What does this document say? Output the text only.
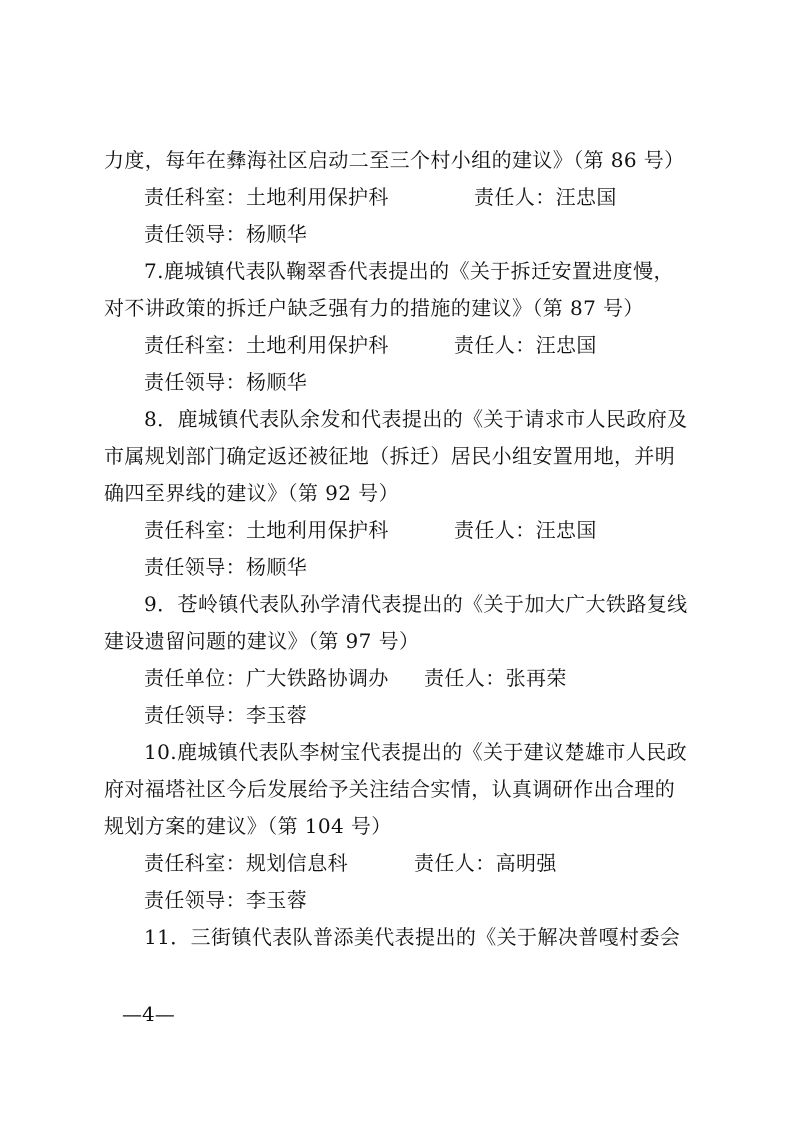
力度，每年在彝海社区启动二至三个村小组的建议》（第 86 号）
责任科室：土地利用保护科	责任人：汪忠国
责任领导：杨顺华
7.鹿城镇代表队鞠翠香代表提出的《关于拆迁安置进度慢，
对不讲政策的拆迁户缺乏强有力的措施的建议》（第 87 号）
责任科室：土地利用保护科	责任人：汪忠国
责任领导：杨顺华
8．鹿城镇代表队余发和代表提出的《关于请求市人民政府及
市属规划部门确定返还被征地（拆迁）居民小组安置用地，并明
确四至界线的建议》（第 92 号）
责任科室：土地利用保护科	责任人：汪忠国
责任领导：杨顺华
9．苍岭镇代表队孙学清代表提出的《关于加大广大铁路复线
建设遗留问题的建议》（第 97 号）
责任单位：广大铁路协调办 责任人：张再荣
责任领导：李玉蓉
10.鹿城镇代表队李树宝代表提出的《关于建议楚雄市人民政
府对福塔社区今后发展给予关注结合实情，认真调研作出合理的
规划方案的建议》（第 104 号）
责任科室：规划信息科	责任人：高明强
责任领导：李玉蓉
11．三街镇代表队普添美代表提出的《关于解决普嘎村委会
—4—
